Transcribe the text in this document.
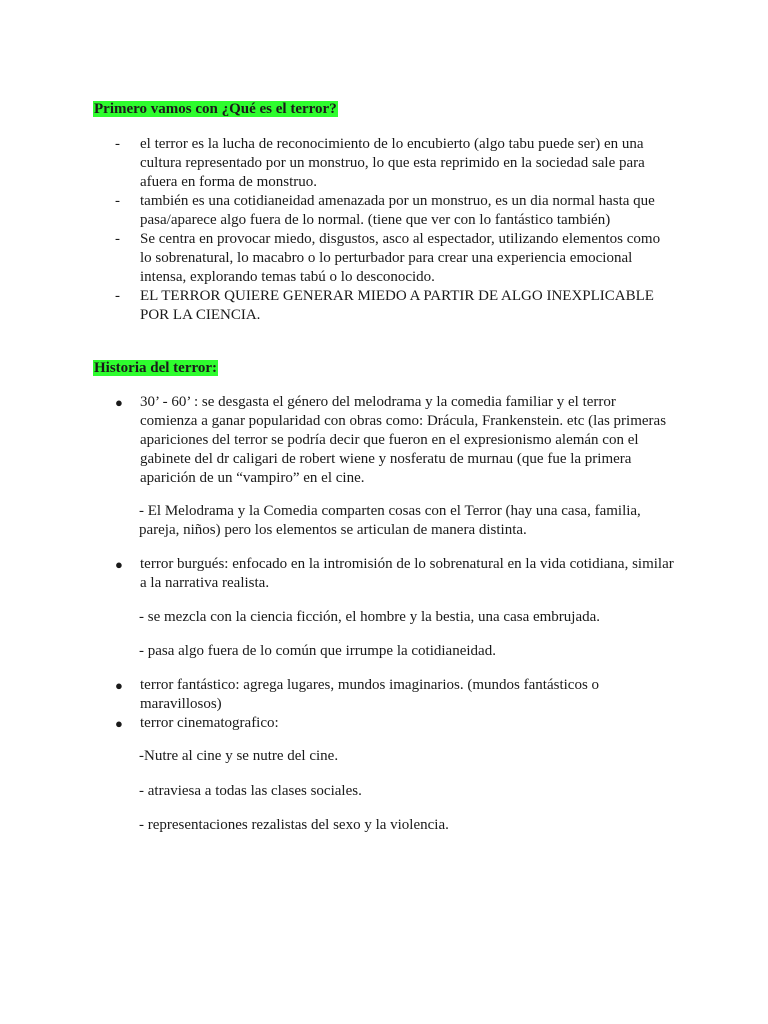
Primero vamos con ¿Qué es el terror?
- el terror es la lucha de reconocimiento de lo encubierto (algo tabu puede ser) en una cultura representado por un monstruo, lo que esta reprimido en la sociedad sale para afuera en forma de monstruo.
- también es una cotidianeidad amenazada por un monstruo, es un dia normal hasta que pasa/aparece algo fuera de lo normal. (tiene que ver con lo fantástico también)
- Se centra en provocar miedo, disgustos, asco al espectador, utilizando elementos como lo sobrenatural, lo macabro o lo perturbador para crear una experiencia emocional intensa, explorando temas tabú o lo desconocido.
- EL TERROR QUIERE GENERAR MIEDO A PARTIR DE ALGO INEXPLICABLE POR LA CIENCIA.
Historia del terror:
● 30’ - 60’ : se desgasta el género del melodrama y la comedia familiar y el terror comienza a ganar popularidad con obras como: Drácula, Frankenstein. etc (las primeras apariciones del terror se podría decir que fueron en el expresionismo alemán con el gabinete del dr caligari de robert wiene y nosferatu de murnau (que fue la primera aparición de un “vampiro” en el cine.

- El Melodrama y la Comedia comparten cosas con el Terror (hay una casa, familia, pareja, niños) pero los elementos se articulan de manera distinta.

● terror burgués: enfocado en la intromisión de lo sobrenatural en la vida cotidiana, similar a la narrativa realista.

- se mezcla con la ciencia ficción, el hombre y la bestia, una casa embrujada.

- pasa algo fuera de lo común que irrumpe la cotidianeidad.

● terror fantástico: agrega lugares, mundos imaginarios. (mundos fantásticos o maravillosos)
● terror cinematografico:

-Nutre al cine y se nutre del cine.

- atraviesa a todas las clases sociales.

- representaciones rezalistas del sexo y la violencia.
